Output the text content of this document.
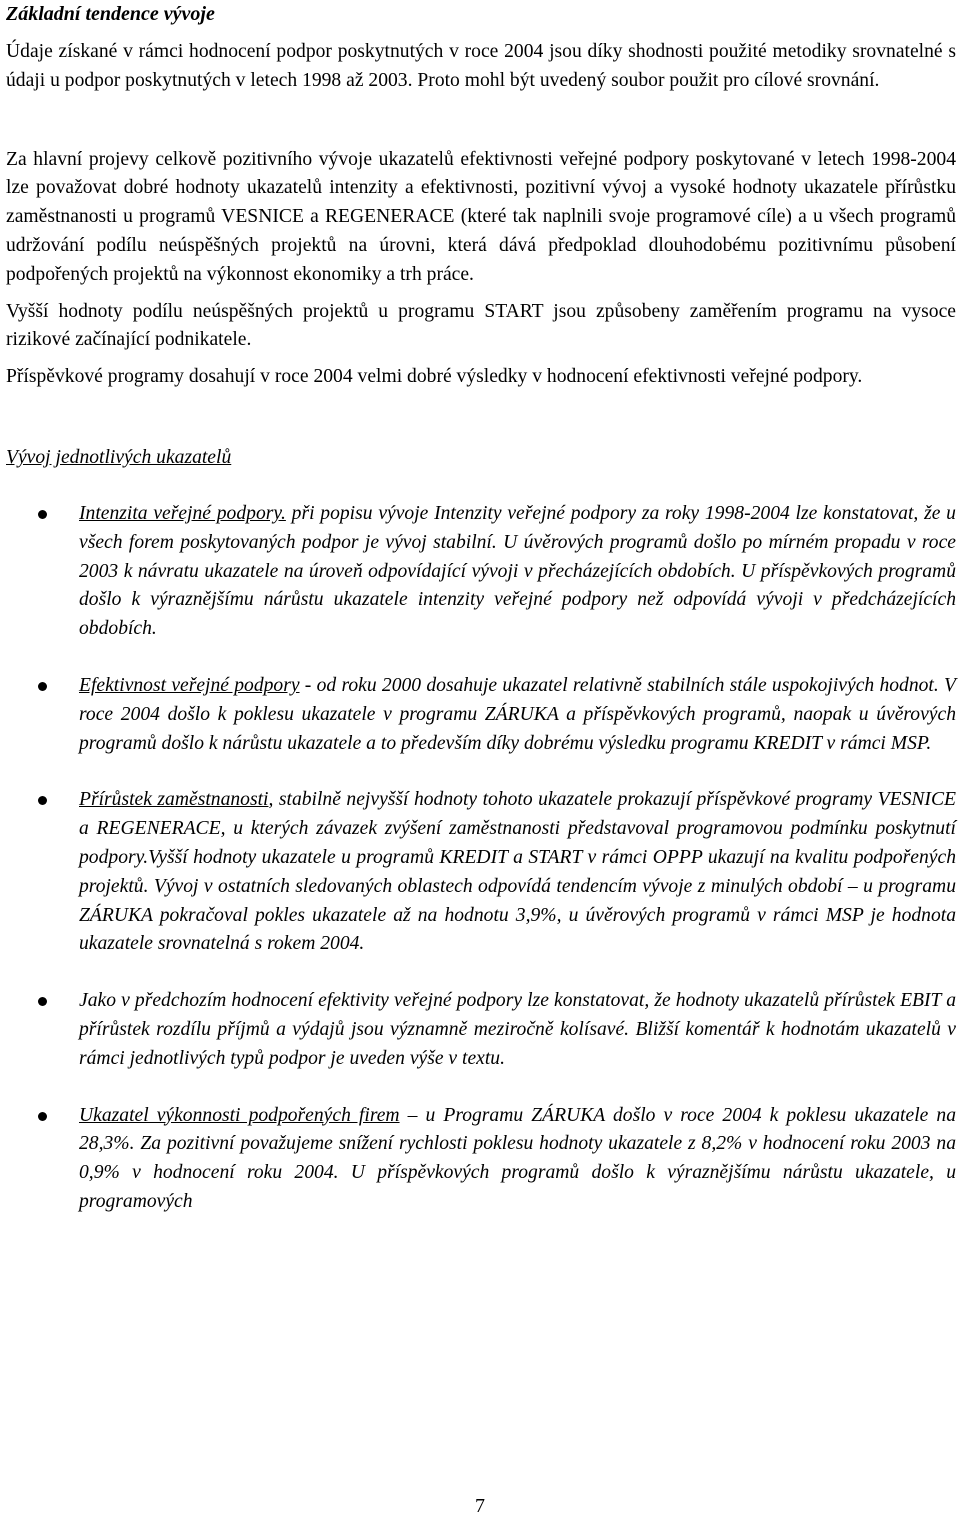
Základní tendence vývoje

Údaje získané v rámci hodnocení podpor poskytnutých v roce 2004 jsou díky shodnosti použité metodiky srovnatelné s údaji u podpor poskytnutých v letech 1998 až 2003. Proto mohl být uvedený soubor použit pro cílové srovnání.

Za hlavní projevy celkově pozitivního vývoje ukazatelů efektivnosti veřejné podpory poskytované v letech 1998-2004 lze považovat dobré hodnoty ukazatelů intenzity a efektivnosti, pozitivní vývoj a vysoké hodnoty ukazatele přírůstku zaměstnanosti u programů VESNICE a REGENERACE (které tak naplnili svoje programové cíle) a u všech programů udržování podílu neúspěšných projektů na úrovni, která dává předpoklad dlouhodobému pozitivnímu působení podpořených projektů na výkonnost ekonomiky a trh práce.

Vyšší hodnoty podílu neúspěšných projektů u programu START jsou způsobeny zaměřením programu na vysoce rizikové začínající podnikatele.

Příspěvkové programy dosahují v roce 2004 velmi dobré výsledky v hodnocení efektivnosti veřejné podpory.

Vývoj jednotlivých ukazatelů
Intenzita veřejné podpory. při popisu vývoje Intenzity veřejné podpory za roky 1998-2004 lze konstatovat, že u všech forem poskytovaných podpor je vývoj stabilní. U úvěrových programů došlo po mírném propadu v roce 2003 k návratu ukazatele na úroveň odpovídající vývoji v přecházejících obdobích. U příspěvkových programů došlo k výraznějšímu nárůstu ukazatele intenzity veřejné podpory než odpovídá vývoji v předcházejících obdobích.
Efektivnost veřejné podpory - od roku 2000 dosahuje ukazatel relativně stabilních stále uspokojivých hodnot. V roce 2004 došlo k poklesu ukazatele v programu ZÁRUKA a příspěvkových programů, naopak u úvěrových programů došlo k nárůstu ukazatele a to především díky dobrému výsledku programu KREDIT v rámci MSP.
Přírůstek zaměstnanosti, stabilně nejvyšší hodnoty tohoto ukazatele prokazují příspěvkové programy VESNICE a REGENERACE, u kterých závazek zvýšení zaměstnanosti představoval programovou podmínku poskytnutí podpory.Vyšší hodnoty ukazatele u programů KREDIT a START v rámci OPPP ukazují na kvalitu podpořených projektů. Vývoj v ostatních sledovaných oblastech odpovídá tendencím vývoje z minulých období – u programu ZÁRUKA pokračoval pokles ukazatele až na hodnotu 3,9%, u úvěrových programů v rámci MSP je hodnota ukazatele srovnatelná s rokem 2004.
Jako v předchozím hodnocení efektivity veřejné podpory lze konstatovat, že hodnoty ukazatelů přírůstek EBIT a přírůstek rozdílu příjmů a výdajů jsou významně meziročně kolísavé. Bližší komentář k hodnotám ukazatelů v rámci jednotlivých typů podpor je uveden výše v textu.
Ukazatel výkonnosti podpořených firem – u Programu ZÁRUKA došlo v roce 2004 k poklesu ukazatele na 28,3%. Za pozitivní považujeme snížení rychlosti poklesu hodnoty ukazatele z 8,2% v hodnocení roku 2003 na 0,9% v hodnocení roku 2004. U příspěvkových programů došlo k výraznějšímu nárůstu ukazatele, u programových
7
